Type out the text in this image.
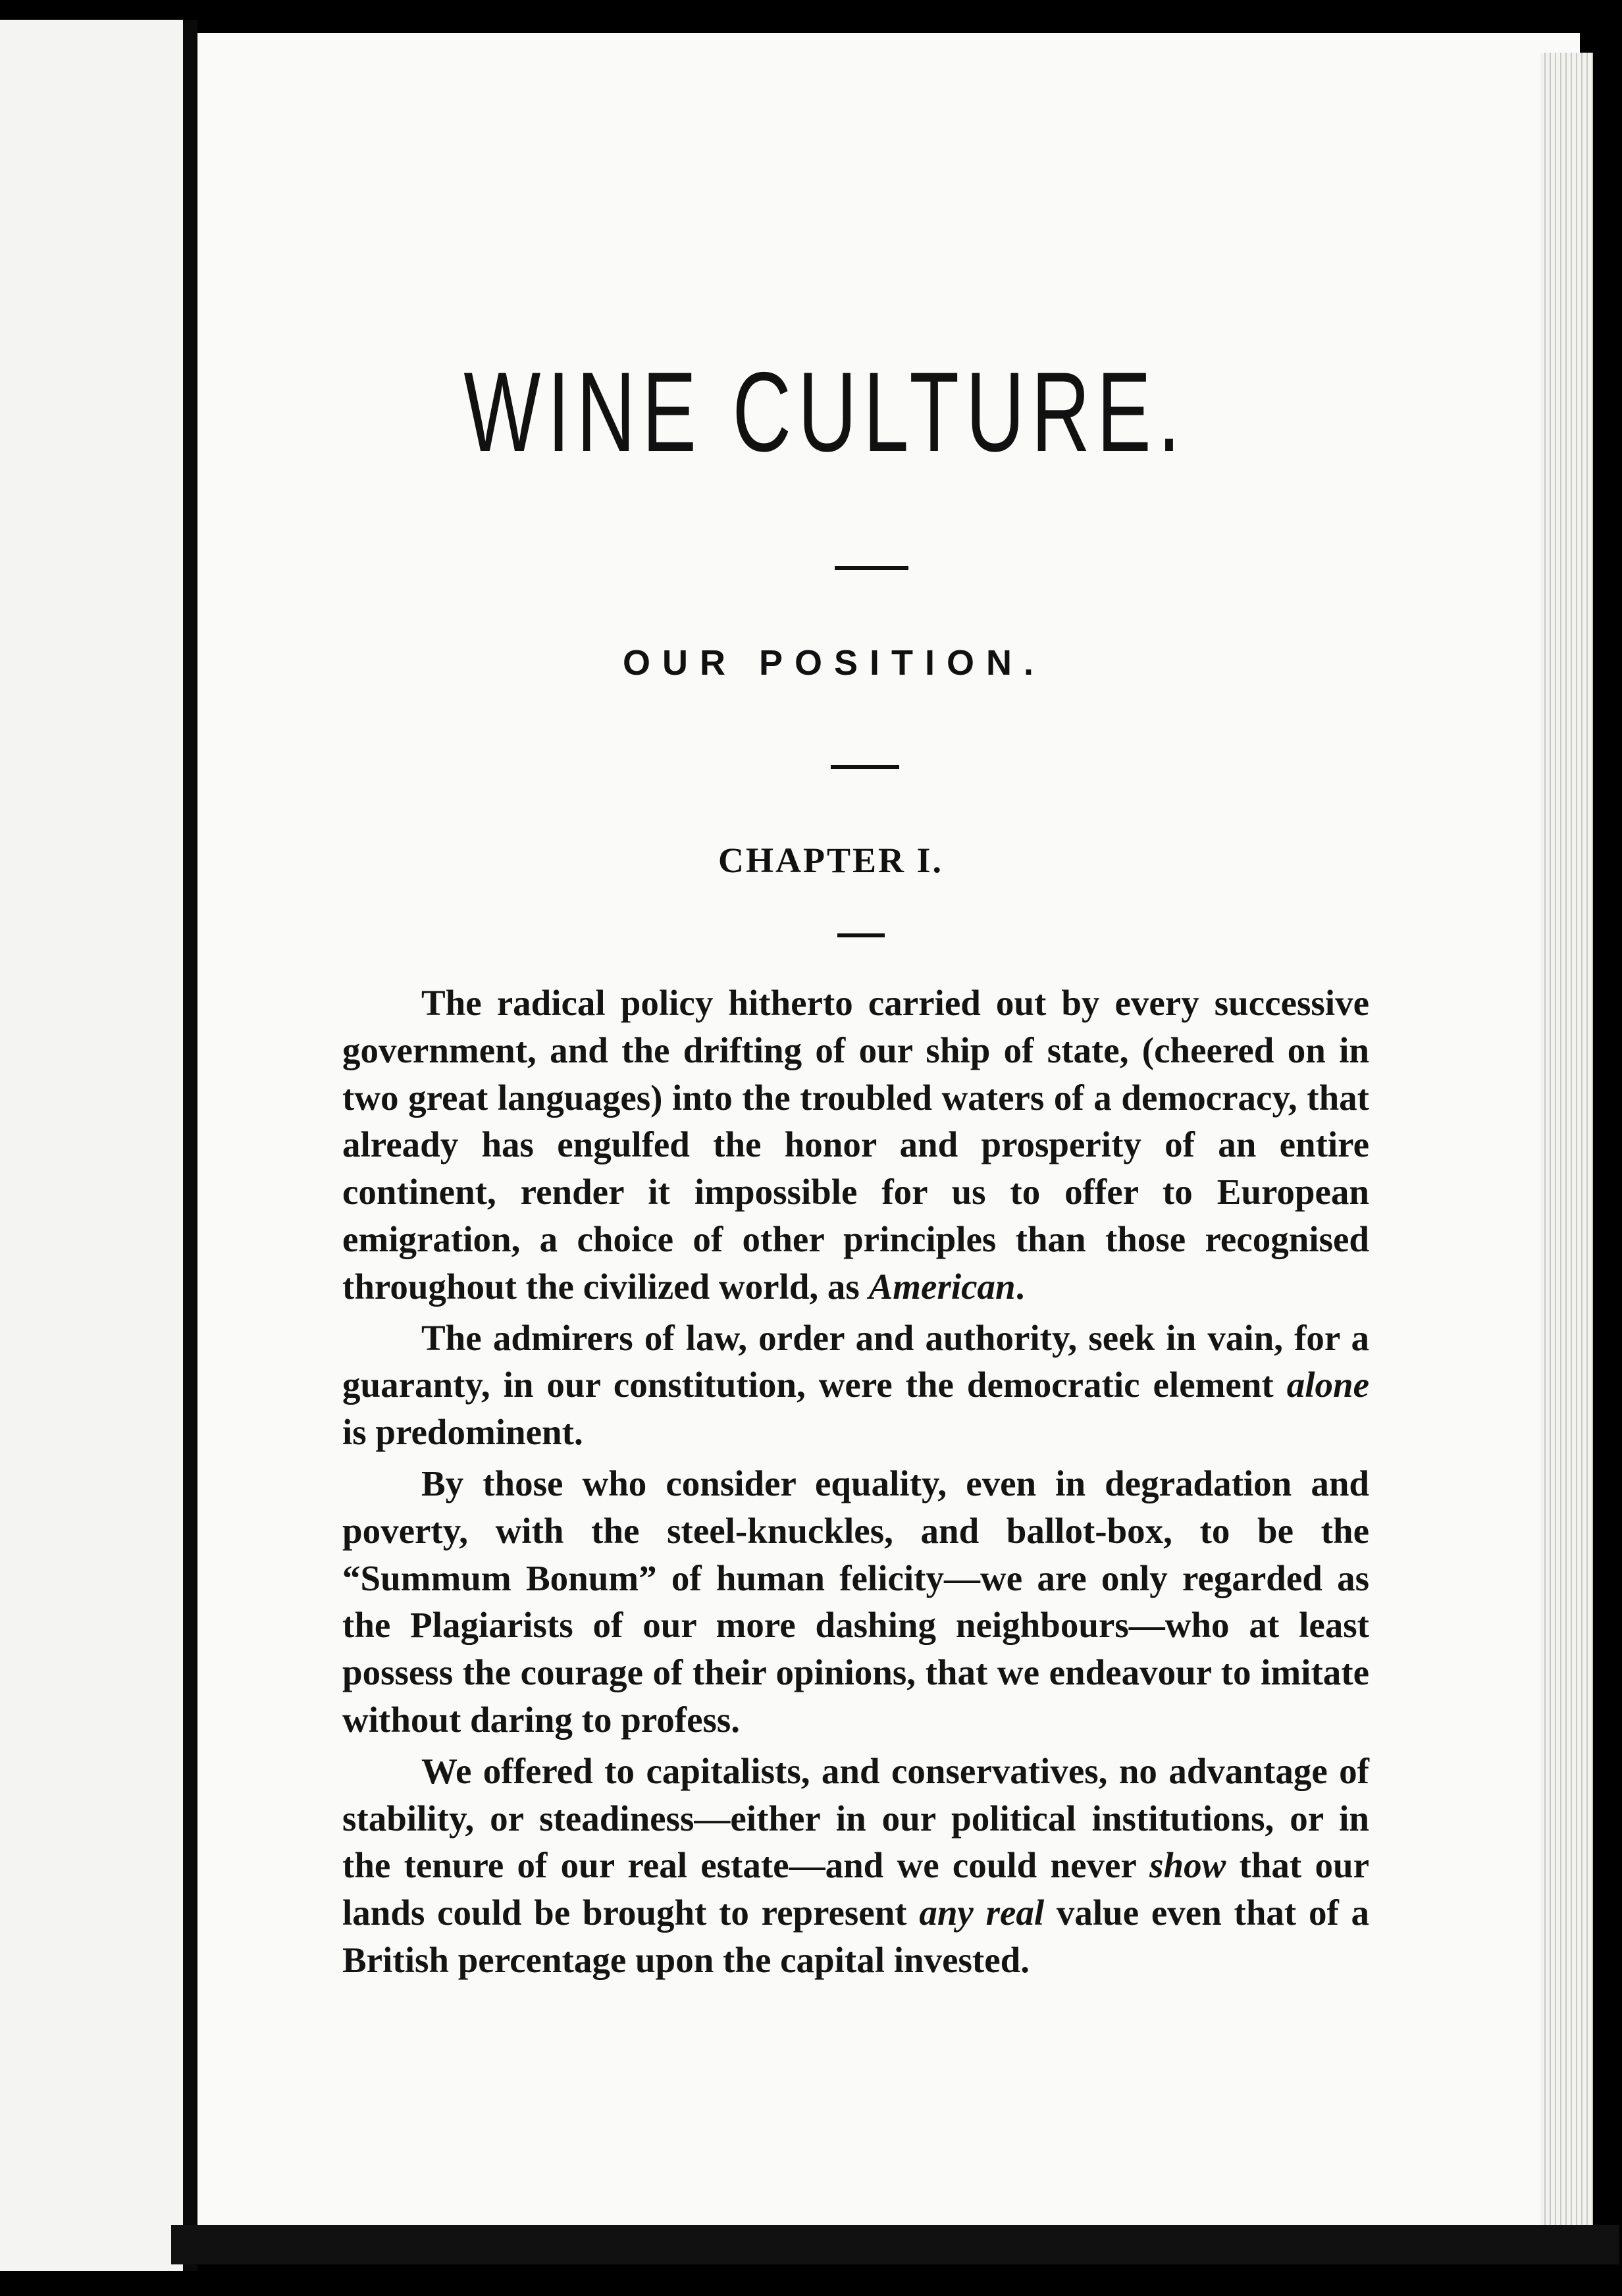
WINE CULTURE.
OUR POSITION.
CHAPTER I.

The radical policy hitherto carried out by every successive government, and the drifting of our ship of state, (cheered on in two great languages) into the troubled waters of a democracy, that already has engulfed the honor and prosperity of an entire continent, render it impossible for us to offer to European emigration, a choice of other principles than those recognised throughout the civilized world, as American.

The admirers of law, order and authority, seek in vain, for a guaranty, in our constitution, were the democratic element alone is predominent.

By those who consider equality, even in degradation and poverty, with the steel-knuckles, and ballot-box, to be the “Summum Bonum” of human felicity—we are only regarded as the Plagiarists of our more dashing neighbours—who at least possess the courage of their opinions, that we endeavour to imitate without daring to profess.

We offered to capitalists, and conservatives, no advantage of stability, or steadiness—either in our political institutions, or in the tenure of our real estate—and we could never show that our lands could be brought to represent any real value even that of a British percentage upon the capital invested.
